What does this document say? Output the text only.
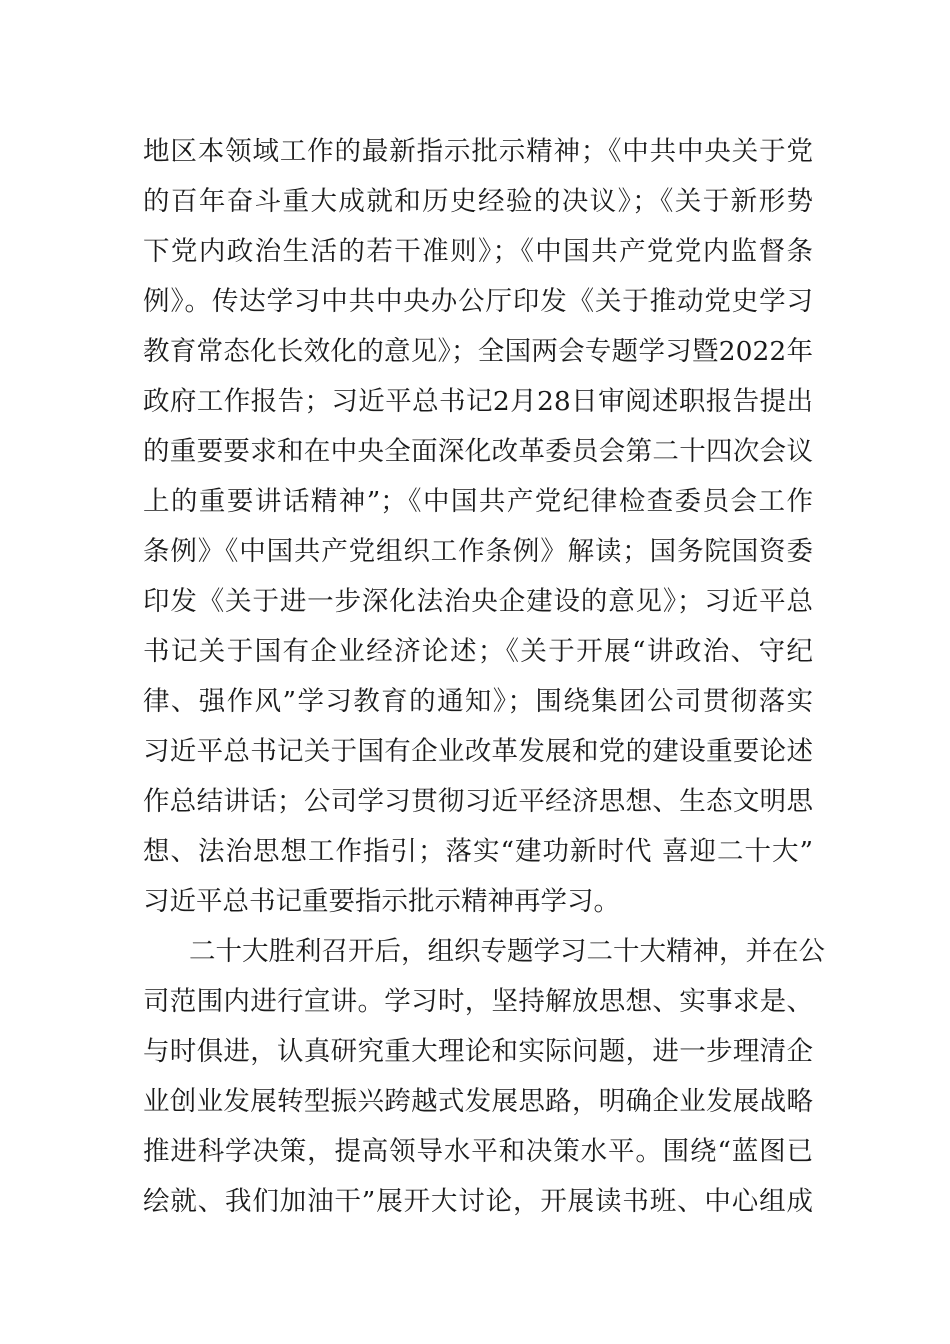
地区本领域工作的最新指示批示精神；《中共中央关于党
的百年奋斗重大成就和历史经验的决议》；《关于新形势
下党内政治生活的若干准则》；《中国共产党党内监督条
例》。传达学习中共中央办公厅印发《关于推动党史学习
教育常态化长效化的意见》；全国两会专题学习暨2022年
政府工作报告；习近平总书记2月28日审阅述职报告提出
的重要要求和在中央全面深化改革委员会第二十四次会议
上的重要讲话精神”；《中国共产党纪律检查委员会工作
条例》《中国共产党组织工作条例》解读；国务院国资委
印发《关于进一步深化法治央企建设的意见》；习近平总
书记关于国有企业经济论述；《关于开展“讲政治、守纪
律、强作风”学习教育的通知》；围绕集团公司贯彻落实
习近平总书记关于国有企业改革发展和党的建设重要论述
作总结讲话；公司学习贯彻习近平经济思想、生态文明思
想、法治思想工作指引；落实“建功新时代 喜迎二十大”
习近平总书记重要指示批示精神再学习。
二十大胜利召开后，组织专题学习二十大精神，并在公
司范围内进行宣讲。学习时，坚持解放思想、实事求是、
与时俱进，认真研究重大理论和实际问题，进一步理清企
业创业发展转型振兴跨越式发展思路，明确企业发展战略
推进科学决策，提高领导水平和决策水平。围绕“蓝图已
绘就、我们加油干”展开大讨论，开展读书班、中心组成
